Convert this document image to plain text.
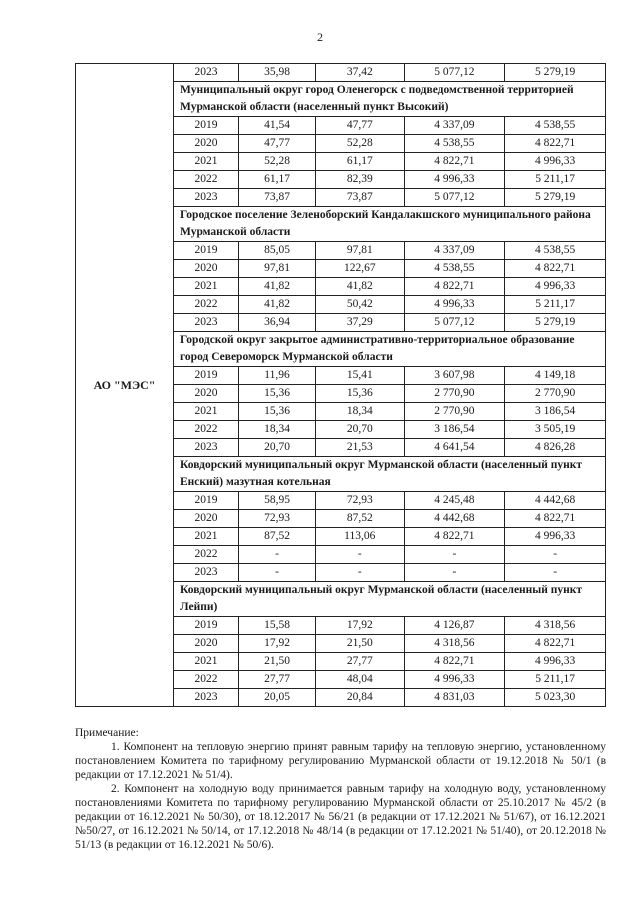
2
АО "МЭС"	2023	35,98	37,42	5 077,12	5 279,19
	Муниципальный округ город Оленегорск с подведомственной территорией Мурманской области (населенный пункт Высокий)				
	2019	41,54	47,77	4 337,09	4 538,55
	2020	47,77	52,28	4 538,55	4 822,71
	2021	52,28	61,17	4 822,71	4 996,33
	2022	61,17	82,39	4 996,33	5 211,17
	2023	73,87	73,87	5 077,12	5 279,19
	Городское поселение Зеленоборский Кандалакшского муниципального района Мурманской области				
	2019	85,05	97,81	4 337,09	4 538,55
	2020	97,81	122,67	4 538,55	4 822,71
	2021	41,82	41,82	4 822,71	4 996,33
	2022	41,82	50,42	4 996,33	5 211,17
	2023	36,94	37,29	5 077,12	5 279,19
	Городской округ закрытое административно-территориальное образование город Североморск Мурманской области				
	2019	11,96	15,41	3 607,98	4 149,18
	2020	15,36	15,36	2 770,90	2 770,90
	2021	15,36	18,34	2 770,90	3 186,54
	2022	18,34	20,70	3 186,54	3 505,19
	2023	20,70	21,53	4 641,54	4 826,28
	Ковдорский муниципальный округ Мурманской области (населенный пункт Енский) мазутная котельная				
	2019	58,95	72,93	4 245,48	4 442,68
	2020	72,93	87,52	4 442,68	4 822,71
	2021	87,52	113,06	4 822,71	4 996,33
	2022	-	-	-	-
	2023	-	-	-	-
	Ковдорский муниципальный округ Мурманской области (населенный пункт Лейпи)				
	2019	15,58	17,92	4 126,87	4 318,56
	2020	17,92	21,50	4 318,56	4 822,71
	2021	21,50	27,77	4 822,71	4 996,33
	2022	27,77	48,04	4 996,33	5 211,17
	2023	20,05	20,84	4 831,03	5 023,30

Примечание:

1. Компонент на тепловую энергию принят равным тарифу на тепловую энергию, установленному постановлением Комитета по тарифному регулированию Мурманской области от 19.12.2018 № 50/1 (в редакции от 17.12.2021 № 51/4).

2. Компонент на холодную воду принимается равным тарифу на холодную воду, установленному постановлениями Комитета по тарифному регулированию Мурманской области от 25.10.2017 № 45/2 (в редакции от 16.12.2021 № 50/30), от 18.12.2017 № 56/21 (в редакции от 17.12.2021 № 51/67), от 16.12.2021 №50/27, от 16.12.2021 № 50/14, от 17.12.2018 № 48/14 (в редакции от 17.12.2021 № 51/40), от 20.12.2018 № 51/13 (в редакции от 16.12.2021 № 50/6).
